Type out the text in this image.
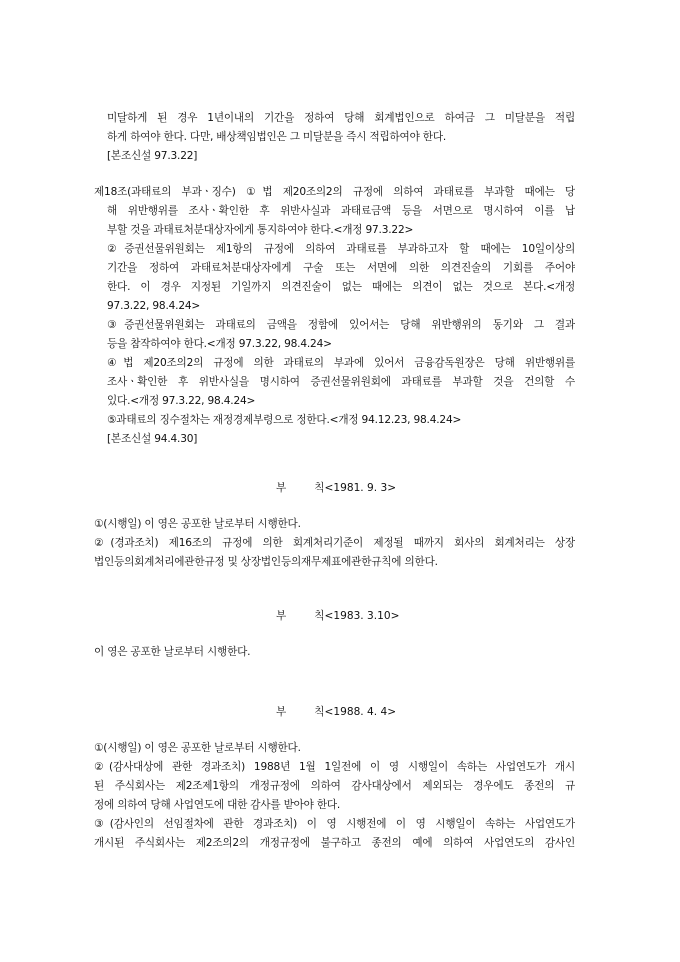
미달하게 된 경우 1년이내의 기간을 정하여 당해 회계법인으로 하여금 그 미달분을 적립
하게 하여야 한다. 다만, 배상책임법인은 그 미달분을 즉시 적립하여야 한다.
[본조신설 97.3.22]
제18조(과태료의 부과ㆍ징수) ①법 제20조의2의 규정에 의하여 과태료를 부과할 때에는 당
해 위반행위를 조사ㆍ확인한 후 위반사실과 과태료금액 등을 서면으로 명시하여 이를 납
부할 것을 과태료처분대상자에게 통지하여야 한다.<개정 97.3.22>
②증권선물위원회는 제1항의 규정에 의하여 과태료를 부과하고자 할 때에는 10일이상의
기간을 정하여 과태료처분대상자에게 구술 또는 서면에 의한 의견진술의 기회를 주어야
한다. 이 경우 지정된 기일까지 의견진술이 없는 때에는 의견이 없는 것으로 본다.<개정
97.3.22, 98.4.24>
③증권선물위원회는 과태료의 금액을 정함에 있어서는 당해 위반행위의 동기와 그 결과
등을 참작하여야 한다.<개정 97.3.22, 98.4.24>
④법 제20조의2의 규정에 의한 과태료의 부과에 있어서 금융감독원장은 당해 위반행위를
조사ㆍ확인한 후 위반사실을 명시하여 증권선물위원회에 과태료를 부과할 것을 건의할 수
있다.<개정 97.3.22, 98.4.24>
⑤과태료의 징수절차는 재정경제부령으로 정한다.<개정 94.12.23, 98.4.24>
[본조신설 94.4.30]
부	칙<1981. 9. 3>
①(시행일) 이 영은 공포한 날로부터 시행한다.
②(경과조치) 제16조의 규정에 의한 회계처리기준이 제정될 때까지 회사의 회계처리는 상장
법인등의회계처리에관한규정 및 상장법인등의재무제표에관한규칙에 의한다.
부	칙<1983. 3.10>
이 영은 공포한 날로부터 시행한다.
부	칙<1988. 4. 4>
①(시행일) 이 영은 공포한 날로부터 시행한다.
②(감사대상에 관한 경과조치) 1988년 1월 1일전에 이 영 시행일이 속하는 사업연도가 개시
된 주식회사는 제2조제1항의 개정규정에 의하여 감사대상에서 제외되는 경우에도 종전의 규
정에 의하여 당해 사업연도에 대한 감사를 받아야 한다.
③(감사인의 선임절차에 관한 경과조치) 이 영 시행전에 이 영 시행일이 속하는 사업연도가
개시된 주식회사는 제2조의2의 개정규정에 불구하고 종전의 예에 의하여 사업연도의 감사인
